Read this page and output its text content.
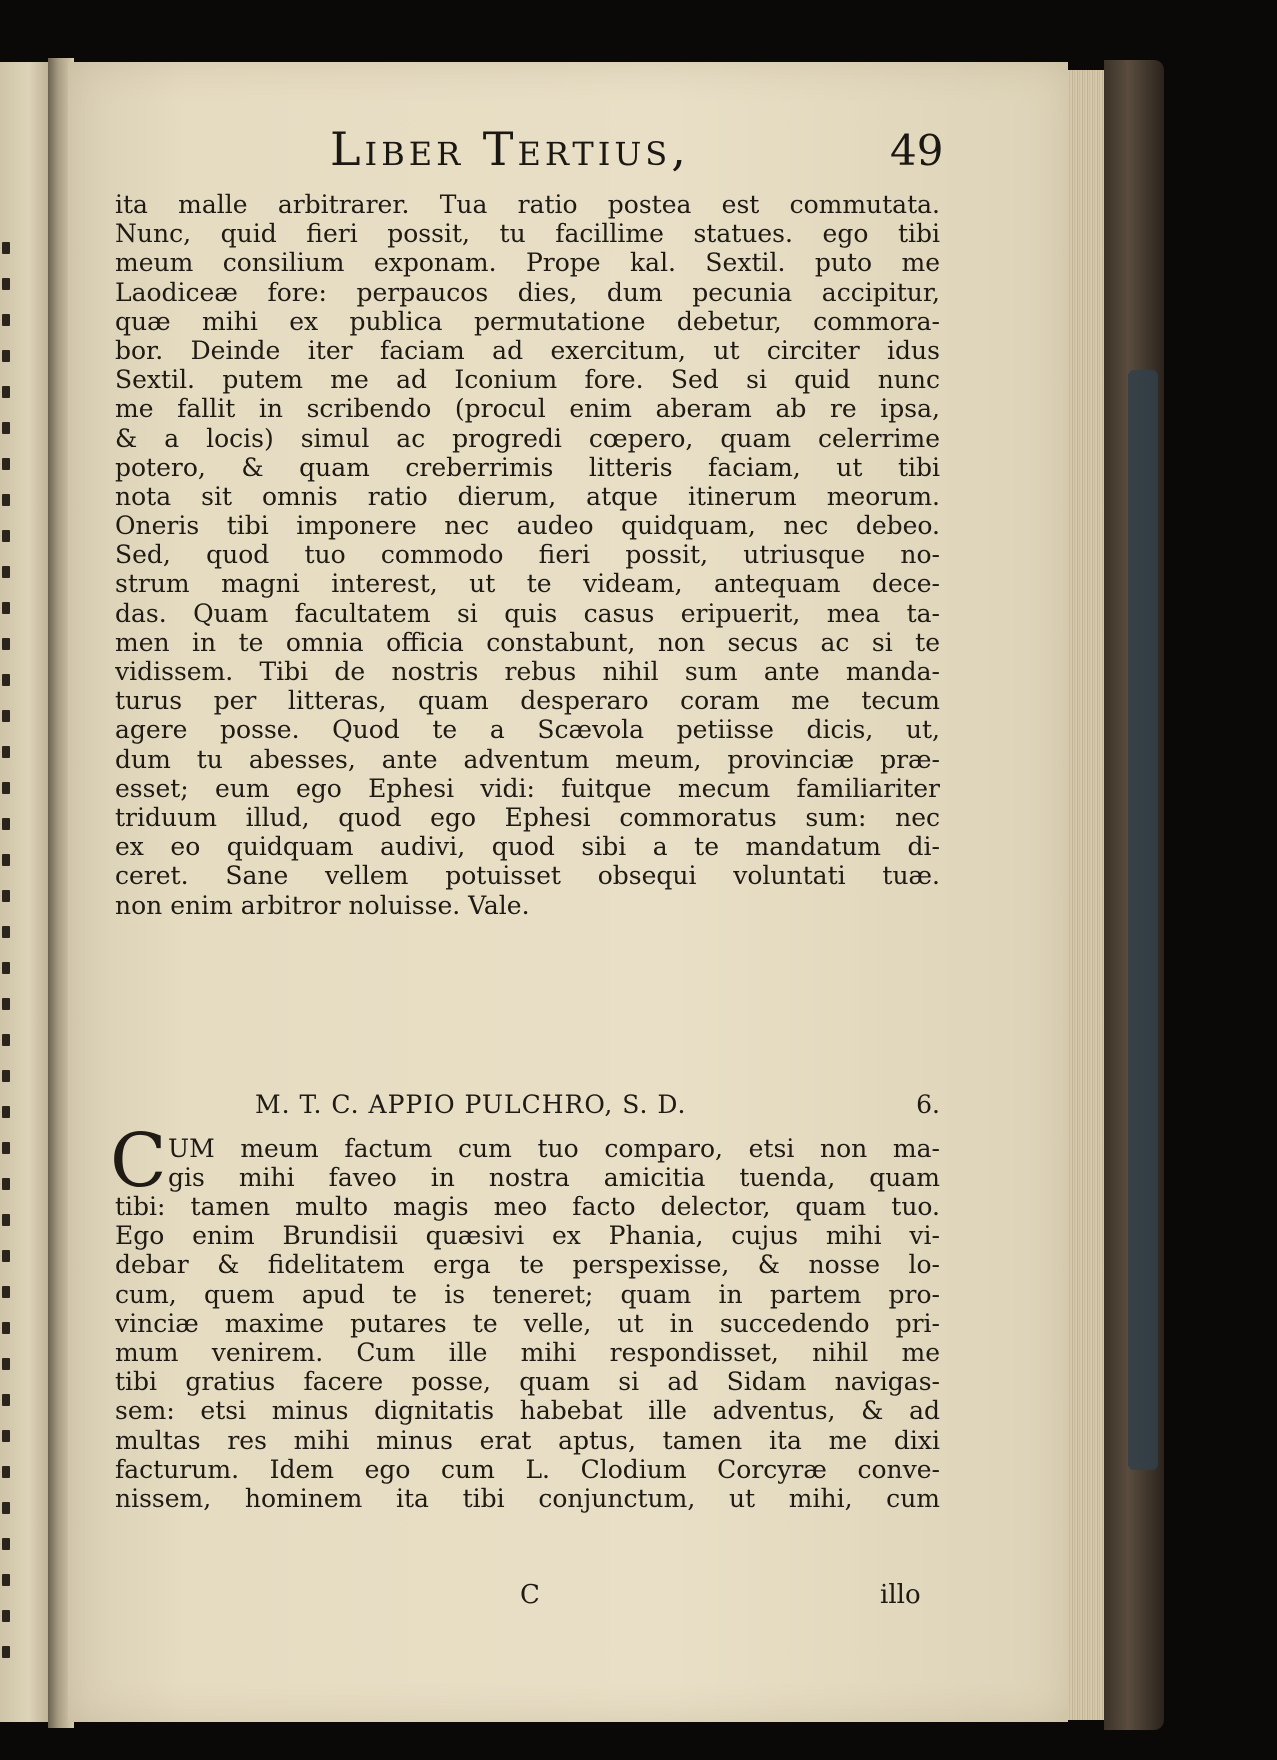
Liber Tertius,	49
ita malle arbitrarer. Tua ratio postea est commutata.
Nunc, quid fieri possit, tu facillime statues. ego tibi
meum consilium exponam. Prope kal. Sextil. puto me
Laodiceæ fore: perpaucos dies, dum pecunia accipitur,
quæ mihi ex publica permutatione debetur, commora-
bor. Deinde iter faciam ad exercitum, ut circiter idus
Sextil. putem me ad Iconium fore. Sed si quid nunc
me fallit in scribendo (procul enim aberam ab re ipsa,
& a locis) simul ac progredi cœpero, quam celerrime
potero, & quam creberrimis litteris faciam, ut tibi
nota sit omnis ratio dierum, atque itinerum meorum.
Oneris tibi imponere nec audeo quidquam, nec debeo.
Sed, quod tuo commodo fieri possit, utriusque no-
strum magni interest, ut te videam, antequam dece-
das. Quam facultatem si quis casus eripuerit, mea ta-
men in te omnia officia constabunt, non secus ac si te
vidissem. Tibi de nostris rebus nihil sum ante manda-
turus per litteras, quam desperaro coram me tecum
agere posse. Quod te a Scævola petiisse dicis, ut,
dum tu abesses, ante adventum meum, provinciæ præ-
esset; eum ego Ephesi vidi: fuitque mecum familiariter
triduum illud, quod ego Ephesi commoratus sum: nec
ex eo quidquam audivi, quod sibi a te mandatum di-
ceret. Sane vellem potuisset obsequi voluntati tuæ.
non enim arbitror noluisse. Vale.
M. T. C. APPIO PULCHRO, S. D.	6.
C UM meum factum cum tuo comparo, etsi non ma-
gis mihi faveo in nostra amicitia tuenda, quam
tibi: tamen multo magis meo facto delector, quam tuo.
Ego enim Brundisii quæsivi ex Phania, cujus mihi vi-
debar & fidelitatem erga te perspexisse, & nosse lo-
cum, quem apud te is teneret; quam in partem pro-
vinciæ maxime putares te velle, ut in succedendo pri-
mum venirem. Cum ille mihi respondisset, nihil me
tibi gratius facere posse, quam si ad Sidam navigas-
sem: etsi minus dignitatis habebat ille adventus, & ad
multas res mihi minus erat aptus, tamen ita me dixi
facturum. Idem ego cum L. Clodium Corcyræ conve-
nissem, hominem ita tibi conjunctum, ut mihi, cum
C	illo
